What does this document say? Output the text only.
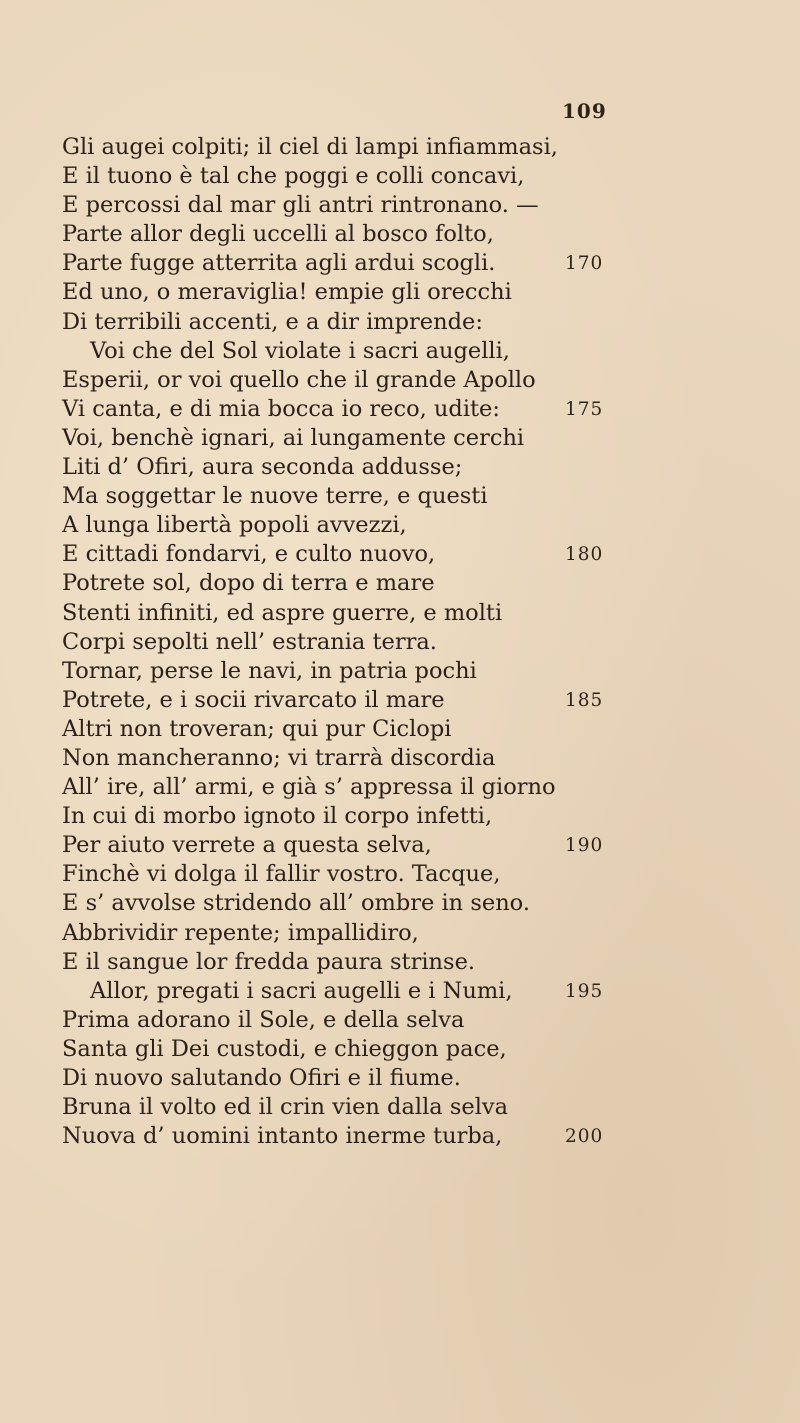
109
Gli augei colpiti; il ciel di lampi infiammasi,
E il tuono è tal che poggi e colli concavi,
E percossi dal mar gli antri rintronano. —
Parte allor degli uccelli al bosco folto,
Parte fugge atterrita agli ardui scogli.	170
Ed uno, o meraviglia! empie gli orecchi
Di terribili accenti, e a dir imprende:
Voi che del Sol violate i sacri augelli,
Esperii, or voi quello che il grande Apollo
Vi canta, e di mia bocca io reco, udite:	175
Voi, benchè ignari, ai lungamente cerchi
Liti d’ Ofiri, aura seconda addusse;
Ma soggettar le nuove terre, e questi
A lunga libertà popoli avvezzi,
E cittadi fondarvi, e culto nuovo,	180
Potrete sol, dopo di terra e mare
Stenti infiniti, ed aspre guerre, e molti
Corpi sepolti nell’ estrania terra.
Tornar, perse le navi, in patria pochi
Potrete, e i socii rivarcato il mare	185
Altri non troveran; qui pur Ciclopi
Non mancheranno; vi trarrà discordia
All’ ire, all’ armi, e già s’ appressa il giorno
In cui di morbo ignoto il corpo infetti,
Per aiuto verrete a questa selva,	190
Finchè vi dolga il fallir vostro. Tacque,
E s’ avvolse stridendo all’ ombre in seno.
Abbrividir repente; impallidiro,
E il sangue lor fredda paura strinse.
Allor, pregati i sacri augelli e i Numi,	195
Prima adorano il Sole, e della selva
Santa gli Dei custodi, e chieggon pace,
Di nuovo salutando Ofiri e il fiume.
Bruna il volto ed il crin vien dalla selva
Nuova d’ uomini intanto inerme turba,	200
